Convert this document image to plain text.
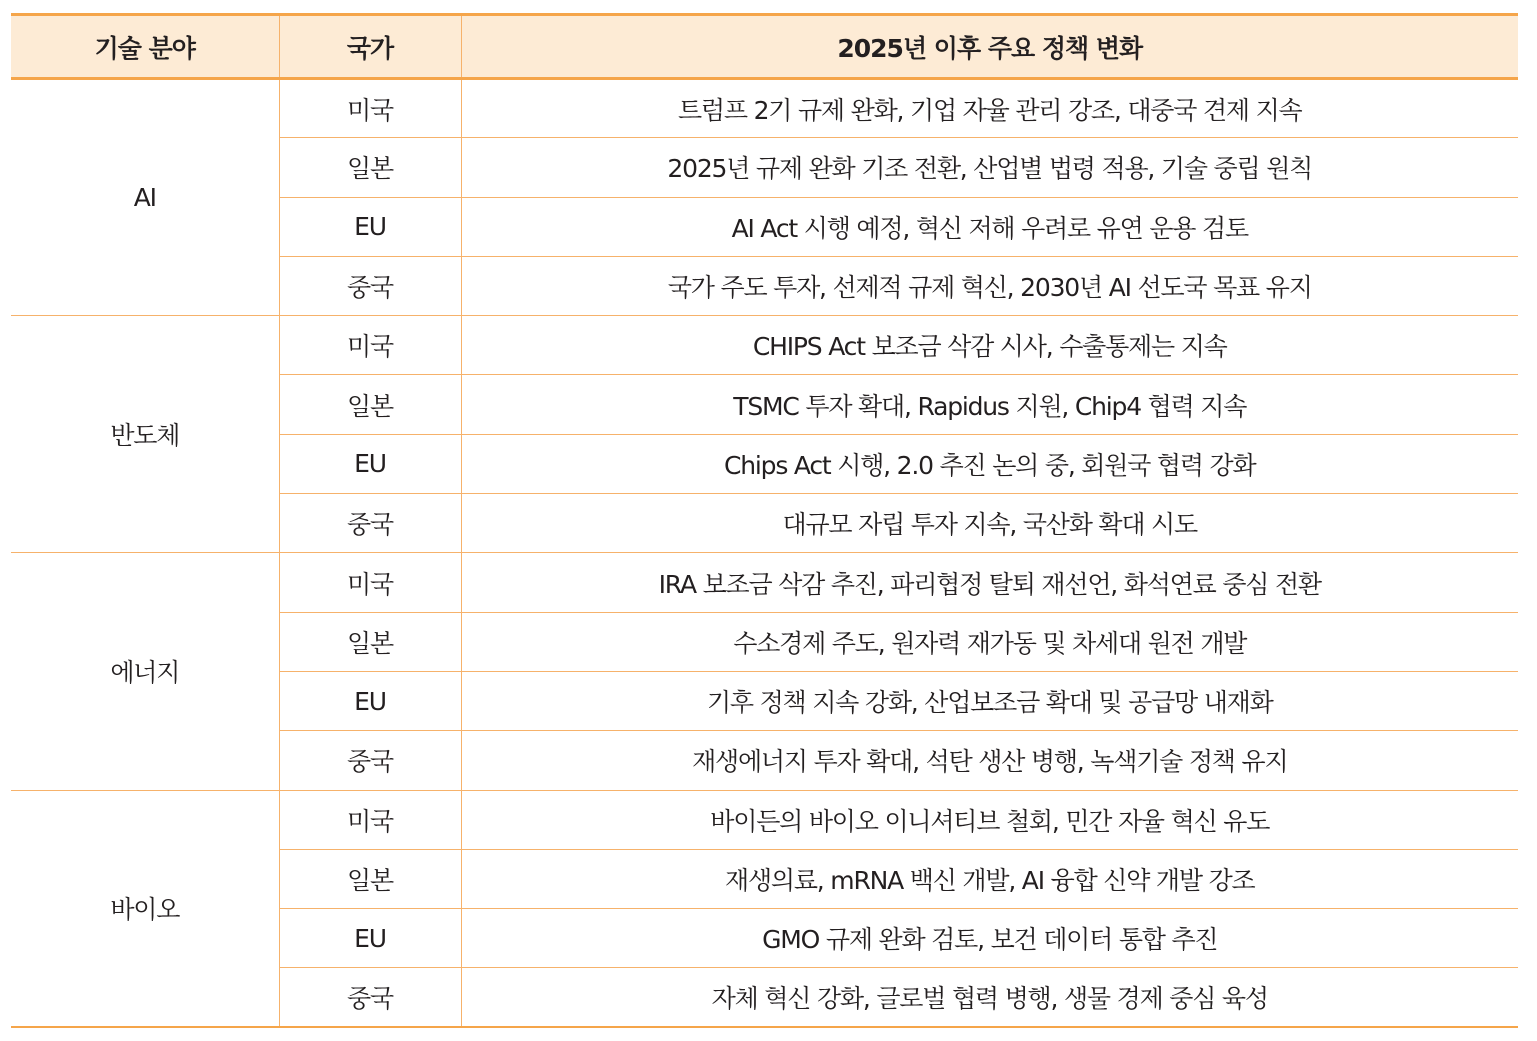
기술 분야	국가	2025년 이후 주요 정책 변화
AI	미국	트럼프 2기 규제 완화, 기업 자율 관리 강조, 대중국 견제 지속
	일본	2025년 규제 완화 기조 전환, 산업별 법령 적용, 기술 중립 원칙
	EU	AI Act 시행 예정, 혁신 저해 우려로 유연 운용 검토
	중국	국가 주도 투자, 선제적 규제 혁신, 2030년 AI 선도국 목표 유지
반도체	미국	CHIPS Act 보조금 삭감 시사, 수출통제는 지속
	일본	TSMC 투자 확대, Rapidus 지원, Chip4 협력 지속
	EU	Chips Act 시행, 2.0 추진 논의 중, 회원국 협력 강화
	중국	대규모 자립 투자 지속, 국산화 확대 시도
에너지	미국	IRA 보조금 삭감 추진, 파리협정 탈퇴 재선언, 화석연료 중심 전환
	일본	수소경제 주도, 원자력 재가동 및 차세대 원전 개발
	EU	기후 정책 지속 강화, 산업보조금 확대 및 공급망 내재화
	중국	재생에너지 투자 확대, 석탄 생산 병행, 녹색기술 정책 유지
바이오	미국	바이든의 바이오 이니셔티브 철회, 민간 자율 혁신 유도
	일본	재생의료, mRNA 백신 개발, AI 융합 신약 개발 강조
	EU	GMO 규제 완화 검토, 보건 데이터 통합 추진
	중국	자체 혁신 강화, 글로벌 협력 병행, 생물 경제 중심 육성
